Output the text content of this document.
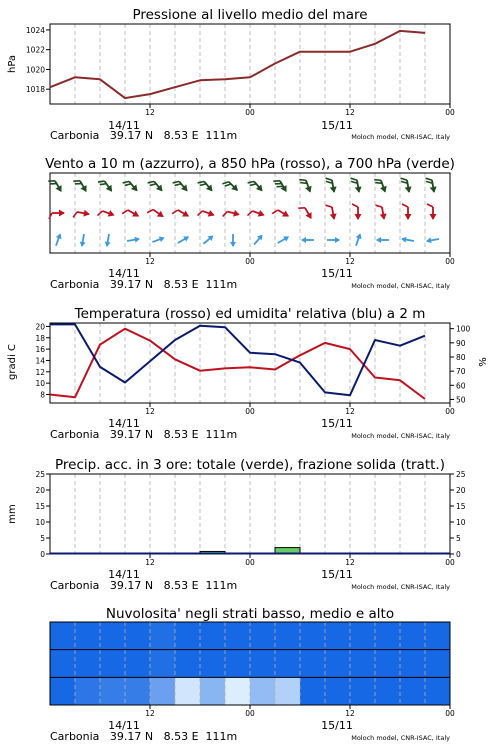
Pressione al livello medio del mare
hPa
1018
1020
1022
1024
12	00	12	00
14/11	15/11
Carbonia   39.17 N   8.53 E  111m	Moloch model, CNR-ISAC, Italy
Vento a 10 m (azzurro), a 850 hPa (rosso), a 700 hPa (verde)
12	00	12	00
14/11	15/11
Carbonia   39.17 N   8.53 E  111m	Moloch model, CNR-ISAC, Italy
Temperatura (rosso) ed umidita' relativa (blu) a 2 m
gradi C	%
8
10
12
14
16
18
20
50
60
70
80
90
100
12	00	12	00
14/11	15/11
Carbonia   39.17 N   8.53 E  111m	Moloch model, CNR-ISAC, Italy
Precip. acc. in 3 ore: totale (verde), frazione solida (tratt.)
mm
0
5
10
15
20
25
0
5
10
15
20
25
12	00	12	00
14/11	15/11
Carbonia   39.17 N   8.53 E  111m	Moloch model, CNR-ISAC, Italy
Nuvolosita' negli strati basso, medio e alto
12	00	12	00
14/11	15/11
Carbonia   39.17 N   8.53 E  111m	Moloch model, CNR-ISAC, Italy
